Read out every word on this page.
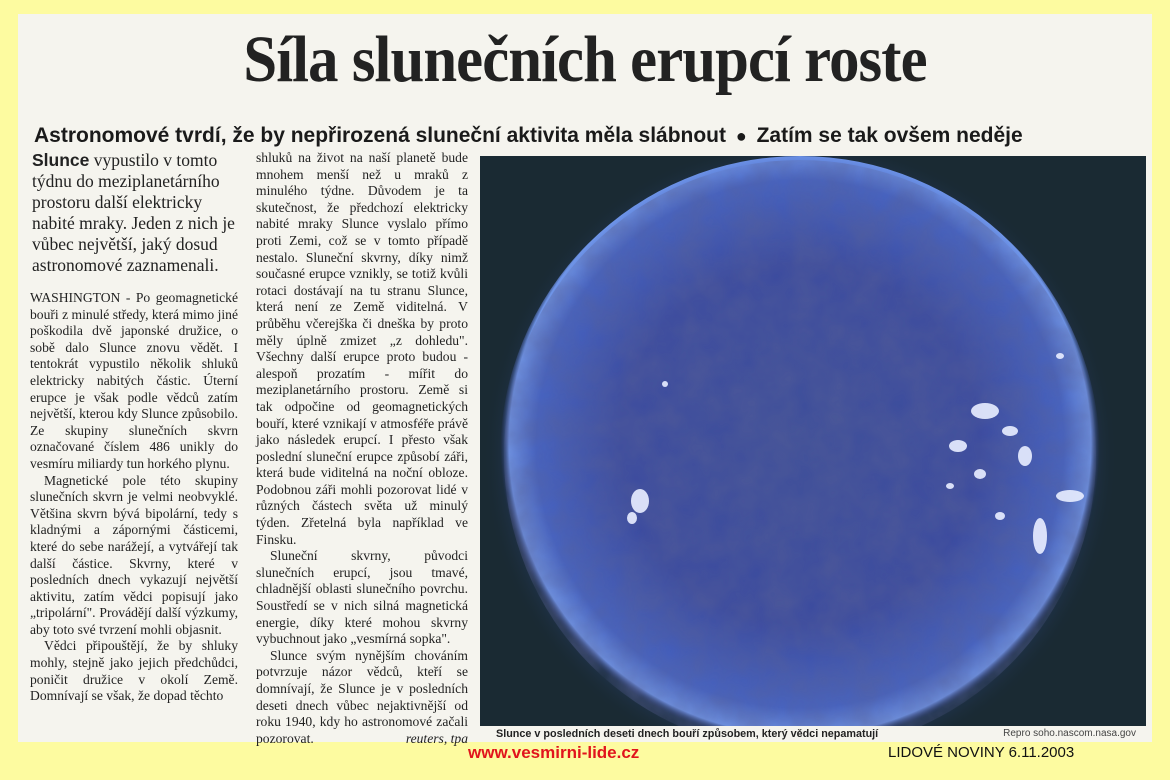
Síla slunečních erupcí roste
Astronomové tvrdí, že by nepřirozená sluneční aktivita měla slábnout ● Zatím se tak ovšem neděje

Slunce vypustilo v tomto týdnu do meziplanetárního prostoru další elektricky nabité mraky. Jeden z nich je vůbec největší, jaký dosud astronomové zaznamenali.

WASHINGTON - Po geomagnetické bouři z minulé středy, která mimo jiné poškodila dvě japonské družice, o sobě dalo Slunce znovu vědět. I tentokrát vypustilo několik shluků elektricky nabitých částic. Úterní erupce je však podle vědců zatím největší, kterou kdy Slunce způsobilo. Ze skupiny slunečních skvrn označované číslem 486 unikly do vesmíru miliardy tun horkého plynu.

Magnetické pole této skupiny slunečních skvrn je velmi neobvyklé. Většina skvrn bývá bipolární, tedy s kladnými a zápornými částicemi, které do sebe narážejí, a vytvářejí tak další částice. Skvrny, které v posledních dnech vykazují největší aktivitu, zatím vědci popisují jako „tripolární". Provádějí další výzkumy, aby toto své tvrzení mohli objasnit.

Vědci připouštějí, že by shluky mohly, stejně jako jejich předchůdci, poničit družice v okolí Země. Domnívají se však, že dopad těchto

shluků na život na naší planetě bude mnohem menší než u mraků z minulého týdne. Důvodem je ta skutečnost, že předchozí elektricky nabité mraky Slunce vyslalo přímo proti Zemi, což se v tomto případě nestalo. Sluneční skvrny, díky nimž současné erupce vznikly, se totiž kvůli rotaci dostávají na tu stranu Slunce, která není ze Země viditelná. V průběhu včerejška či dneška by proto měly úplně zmizet „z dohledu". Všechny další erupce proto budou - alespoň prozatím - mířit do meziplanetárního prostoru. Země si tak odpočine od geomagnetických bouří, které vznikají v atmosféře právě jako následek erupcí. I přesto však poslední sluneční erupce způsobí záři, která bude viditelná na noční obloze. Podobnou záři mohli pozorovat lidé v různých částech světa už minulý týden. Zřetelná byla například ve Finsku.

Sluneční skvrny, původci slunečních erupcí, jsou tmavé, chladnější oblasti slunečního povrchu. Soustředí se v nich silná magnetická energie, díky které mohou skvrny vybuchnout jako „vesmírná sopka".

Slunce svým nynějším chováním potvrzuje názor vědců, kteří se domnívají, že Slunce je v posledních deseti dnech vůbec nejaktivnější od roku 1940, kdy ho astronomové začali pozorovat.	reuters, tpa	Slunce v posledních deseti dnech bouří způsobem, který vědci nepamatují	Repro soho.nascom.nasa.gov
www.vesmirni-lide.cz	LIDOVÉ NOVINY 6.11.2003
